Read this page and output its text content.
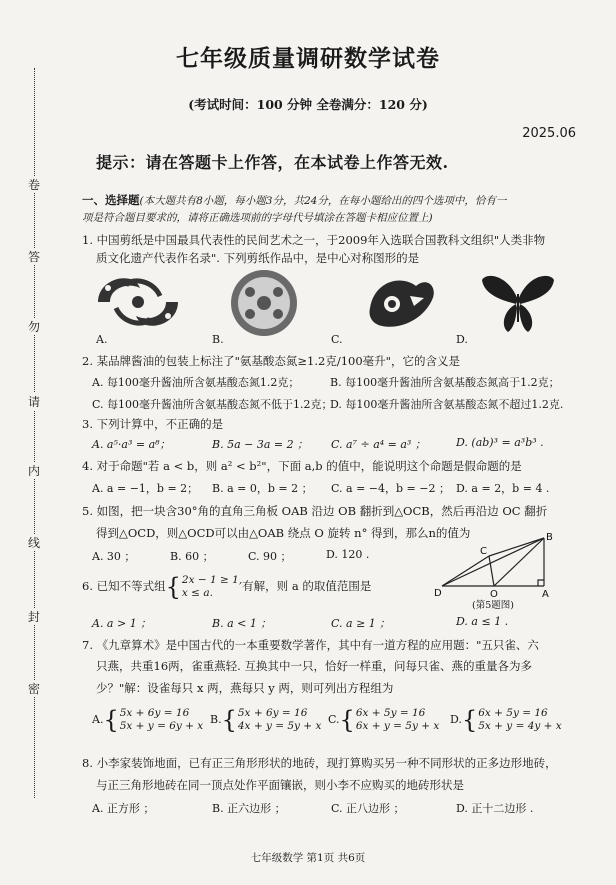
卷
答
勿
请
内
线
封
密
七年级质量调研数学试卷
(考试时间：100 分钟 全卷满分：120 分)
2025.06
提示：请在答题卡上作答，在本试卷上作答无效.
一、选择题(本大题共有8小题，每小题3分，共24分，在每小题给出的四个选项中，恰有一
项是符合题目要求的，请将正确选项前的字母代号填涂在答题卡相应位置上)
1. 中国剪纸是中国最具代表性的民间艺术之一，于2009年入选联合国教科文组织"人类非物
质文化遗产代表作名录". 下列剪纸作品中，是中心对称图形的是
A.	B.	C.	D.
2. 某品牌酱油的包装上标注了"氨基酸态氮≥1.2克/100毫升"，它的含义是
A. 每100毫升酱油所含氨基酸态氮1.2克；	B. 每100毫升酱油所含氨基酸态氮高于1.2克；
C. 每100毫升酱油所含氨基酸态氮不低于1.2克；
D. 每100毫升酱油所含氨基酸态氮不超过1.2克.
3. 下列计算中，不正确的是
A. a⁵·a³ = a⁸；	B. 5a − 3a = 2 ； C. a⁷ ÷ a⁴ = a³ ；	D. (ab)³ = a³b³ .
4. 对于命题"若 a < b，则 a² < b²"，下面 a,b 的值中，能说明这个命题是假命题的是
A. a = −1，b = 2； B. a = 0，b = 2 ； C. a = −4，b = −2 ； D. a = 2，b = 4 .
5. 如图，把一块含30°角的直角三角板 OAB 沿边 OB 翻折到△OCB，然后再沿边 OC 翻折
得到△OCD，则△OCD可以由△OAB 绕点 O 旋转 n° 得到，那么n的值为
A. 30 ；	B. 60 ；	C. 90 ；	D. 120 .
B
C
D	O	A
(第5题图)
6. 已知不等式组{2x − 1 ≥ 1,
x ≤ a.	有解，则 a 的取值范围是
A. a > 1 ；	B. a < 1 ；	C. a ≥ 1 ；	D. a ≤ 1 .
7. 《九章算术》是中国古代的一本重要数学著作，其中有一道方程的应用题："五只雀、六
只燕，共重16两，雀重燕轻. 互换其中一只，恰好一样重，问每只雀、燕的重量各为多
少？"解：设雀每只 x 两，燕每只 y 两，则可列出方程组为
A.{5x + 6y = 16
5x + y = 6y + x B.{5x + 6y = 16
4x + y = 5y + x C.{6x + 5y = 16
6x + y = 5y + x D.{6x + 5y = 16
5x + y = 4y + x
8. 小李家装饰地面，已有正三角形形状的地砖，现打算购买另一种不同形状的正多边形地砖，
与正三角形地砖在同一顶点处作平面镶嵌，则小李不应购买的地砖形状是
A. 正方形 ；	B. 正六边形 ；	C. 正八边形 ；	D. 正十二边形 .
七年级数学 第1页 共6页
